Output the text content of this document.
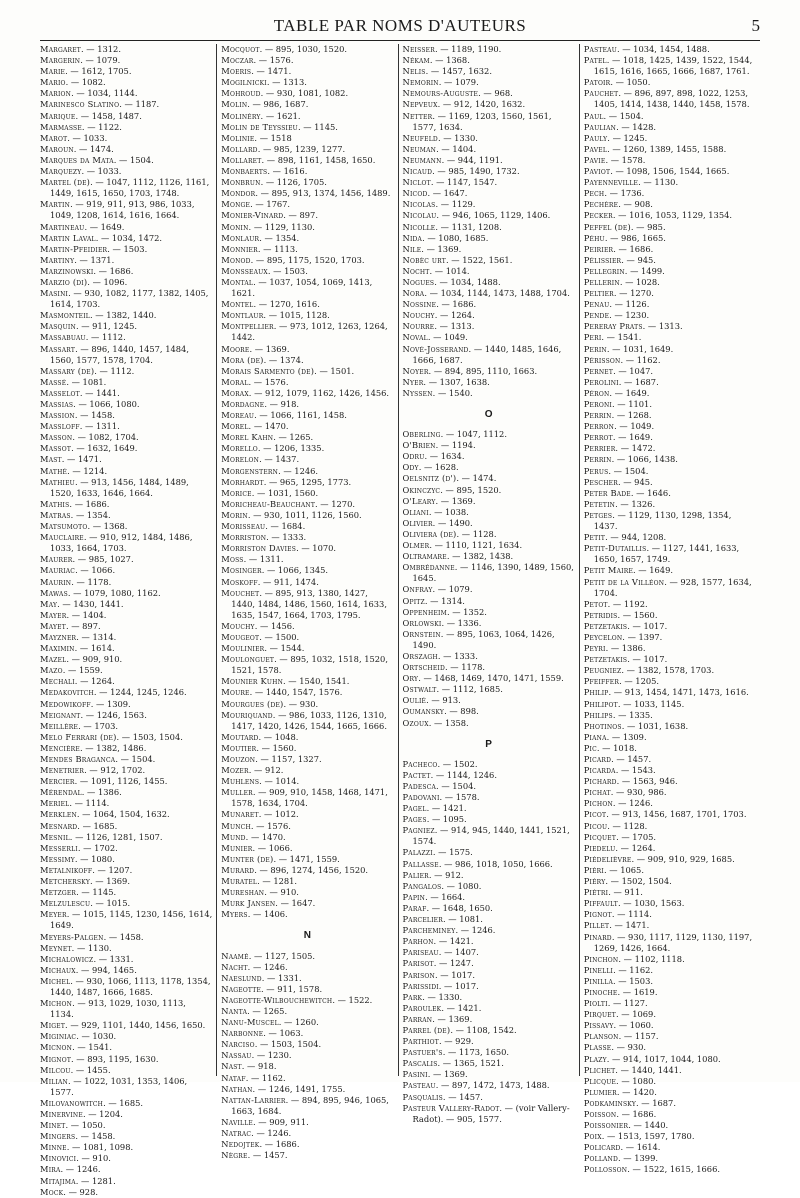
TABLE PAR NOMS D'AUTEURS	5
Margaret. — 1312.
Margerin. — 1079.
Marie. — 1612, 1705.
Mario. — 1082.
Marion. — 1034, 1144.
Marinesco Slatino. — 1187.
Marique. — 1458, 1487.
Marmasse. — 1122.
Marot. — 1033.
Maroun. — 1474.
Marques da Mata. — 1504.
Marquezy. — 1033.
Martel (de). — 1047, 1112, 1126, 1161, 1449, 1615, 1650, 1703, 1748.
Martin. — 919, 911, 913, 986, 1033, 1049, 1208, 1614, 1616, 1664.
Martineau. — 1649.
Martin Laval. — 1034, 1472.
Martin-Pfeidier. — 1503.
Martiny. — 1371.
Marzinowski. — 1686.
Marzio (di). — 1096.
Masini. — 930, 1082, 1177, 1382, 1405, 1614, 1703.
Masmonteil. — 1382, 1440.
Masquin. — 911, 1245.
Massabuau. — 1112.
Massart. — 896, 1440, 1457, 1484, 1560, 1577, 1578, 1704.
Massary (de). — 1112.
Massé. — 1081.
Masselot. — 1441.
Massias. — 1066, 1080.
Massion. — 1458.
Massloff. — 1311.
Masson. — 1082, 1704.
Massot. — 1632, 1649.
Mast. — 1471.
Mathé. — 1214.
Mathieu. — 913, 1456, 1484, 1489, 1520, 1633, 1646, 1664.
Mathis. — 1686.
Matras. — 1354.
Matsumoto. — 1368.
Mauclaire. — 910, 912, 1484, 1486, 1033, 1664, 1703.
Maurer. — 985, 1027.
Mauriac. — 1066.
Maurin. — 1178.
Mawas. — 1079, 1080, 1162.
May. — 1430, 1441.
Mayer. — 1404.
Mayet. — 897.
Mayzner. — 1314.
Maximin. — 1614.
Mazel. — 909, 910.
Mazo. — 1559.
Mechali. — 1264.
Medakovitch. — 1244, 1245, 1246.
Medowikoff. — 1309.
Meignant. — 1246, 1563.
Meillère. — 1703.
Melo Ferrari (de). — 1503, 1504.
Mencière. — 1382, 1486.
Mendes Braganca. — 1504.
Menetrier. — 912, 1702.
Mercier. — 1091, 1126, 1455.
Mérendal. — 1386.
Meriel. — 1114.
Merklen. — 1064, 1504, 1632.
Mesnard. — 1685.
Mesnil. — 1126, 1281, 1507.
Messerli. — 1702.
Messimy. — 1080.
Metalnikoff. — 1207.
Metchersky. — 1369.
Metzger. — 1145.
Melzulescu. — 1015.
Meyer. — 1015, 1145, 1230, 1456, 1614, 1649.
Meyers-Palgen. — 1458.
Meynet. — 1130.
Michalowicz. — 1331.
Michaux. — 994, 1465.
Michel. — 930, 1066, 1113, 1178, 1354, 1440, 1487, 1666, 1685.
Michon. — 913, 1029, 1030, 1113, 1134.
Miget. — 929, 1101, 1440, 1456, 1650.
Miginiac. — 1030.
Micnon. — 1541.
Mignot. — 893, 1195, 1630.
Milcou. — 1455.
Milian. — 1022, 1031, 1353, 1406, 1577.
Milovanowitch. — 1685.
Minervine. — 1204.
Minet. — 1050.
Mingers. — 1458.
Minne. — 1081, 1098.
Minovici. — 910.
Mira. — 1246.
Mitajima. — 1281.
Mock. — 928.
Mocquot. — 895, 1030, 1520.
Moczar. — 1576.
Moeris. — 1471.
Mogilnicki. — 1313.
Mohroud. — 930, 1081, 1082.
Molin. — 986, 1687.
Molinéry. — 1621.
Molin de Teyssieu. — 1145.
Molinie. — 1518
Mollard. — 985, 1239, 1277.
Mollaret. — 898, 1161, 1458, 1650.
Monbaerts. — 1616.
Monbrun. — 1126, 1705.
Mondor. — 895, 913, 1374, 1456, 1489.
Monge. — 1767.
Monier-Vinard. — 897.
Monin. — 1129, 1130.
Monlaur. — 1354.
Monnier. — 1113.
Monod. — 895, 1175, 1520, 1703.
Monsseaux. — 1503.
Montal. — 1037, 1054, 1069, 1413, 1621.
Montel. — 1270, 1616.
Montlaur. — 1015, 1128.
Montpellier. — 973, 1012, 1263, 1264, 1442.
Moore. — 1369.
Mora (de). — 1374.
Morais Sarmento (de). — 1501.
Moral. — 1576.
Morax. — 912, 1079, 1162, 1426, 1456.
Mordagne. — 918.
Moreau. — 1066, 1161, 1458.
Morel. — 1470.
Morel Kahn. — 1265.
Morello. — 1206, 1335.
Morelon. — 1437.
Morgenstern. — 1246.
Morhardt. — 965, 1295, 1773.
Morice. — 1031, 1560.
Moricheau-Beauchant. — 1270.
Morin. — 930, 1011, 1126, 1560.
Morisseau. — 1684.
Morriston. — 1333.
Morriston Davies. — 1070.
Moss. — 1311.
Mosinger. — 1066, 1345.
Moskoff. — 911, 1474.
Mouchet. — 895, 913, 1380, 1427, 1440, 1484, 1486, 1560, 1614, 1633, 1635, 1547, 1664, 1703, 1795.
Mouchy. — 1456.
Mougeot. — 1500.
Moulinier. — 1544.
Moulonguet. — 895, 1032, 1518, 1520, 1521, 1578.
Mounier Kuhn. — 1540, 1541.
Moure. — 1440, 1547, 1576.
Mourgues (de). — 930.
Mouriquand. — 986, 1033, 1126, 1310, 1417, 1420, 1426, 1544, 1665, 1666.
Moutard. — 1048.
Moutier. — 1560.
Mouzon. — 1157, 1327.
Mozer. — 912.
Muhlens. — 1014.
Muller. — 909, 910, 1458, 1468, 1471, 1578, 1634, 1704.
Munaret. — 1012.
Munch. — 1576.
Mund. — 1470.
Munier. — 1066.
Munter (de). — 1471, 1559.
Murard. — 896, 1274, 1456, 1520.
Muratel. — 1281.
Mureshan. — 910.
Murk Jansen. — 1647.
Myers. — 1406.
N
Naamé. — 1127, 1505.
Nacht. — 1246.
Naeslund. — 1331.
Nageotte. — 911, 1578.
Nageotte-Wilbouchewitch. — 1522.
Nanta. — 1265.
Nanu-Muscel. — 1260.
Narbonne. — 1063.
Narciso. — 1503, 1504.
Nassau. — 1230.
Nast. — 918.
Nataf. — 1162.
Nathan. — 1246, 1491, 1755.
Nattan-Larrier. — 894, 895, 946, 1065, 1663, 1684.
Naville. — 909, 911.
Natrac. — 1246.
Nedojtek. — 1686.
Nègre. — 1457.
Neisser. — 1189, 1190.
Nékam. — 1368.
Nelis. — 1457, 1632.
Nemorin. — 1079.
Nemours-Auguste. — 968.
Nepveux. — 912, 1420, 1632.
Netter. — 1169, 1203, 1560, 1561, 1577, 1634.
Neufeld. — 1330.
Neuman. — 1404.
Neumann. — 944, 1191.
Nicaud. — 985, 1490, 1732.
Niclot. — 1147, 1547.
Nicod. — 1647.
Nicolas. — 1129.
Nicolau. — 946, 1065, 1129, 1406.
Nicolle. — 1131, 1208.
Nida. — 1080, 1685.
Nile. — 1369.
Nobèc urt. — 1522, 1561.
Nocht. — 1014.
Nogues. — 1034, 1488.
Nora. — 1034, 1144, 1473, 1488, 1704.
Nossine. — 1686.
Nouchy. — 1264.
Nourre. — 1313.
Noval. — 1049.
Nové-Josserand. — 1440, 1485, 1646, 1666, 1687.
Noyer. — 894, 895, 1110, 1663.
Nyer. — 1307, 1638.
Nyssen. — 1540.
O
Oberling. — 1047, 1112.
O'Brien. — 1194.
Odru. — 1634.
Ody. — 1628.
Oelsnitz (d'). — 1474.
Okinczyc. — 895, 1520.
O'Leary. — 1369.
Oliani. — 1038.
Olivier. — 1490.
Oliviera (de). — 1128.
Olmer. — 1110, 1121, 1634.
Oltramare. — 1382, 1438.
Ombrédanne. — 1146, 1390, 1489, 1560, 1645.
Onfray. — 1079.
Opitz. — 1314.
Oppenheim. — 1352.
Orlowski. — 1336.
Ornstein. — 895, 1063, 1064, 1426, 1490.
Orszagh. — 1333.
Ortscheid. — 1178.
Ory. — 1468, 1469, 1470, 1471, 1559.
Ostwalt. — 1112, 1685.
Oulié. — 913.
Oumansky. — 898.
Ozoux. — 1358.
P
Pacheco. — 1502.
Pactet. — 1144, 1246.
Padesca. — 1504.
Padovani. — 1578.
Pagel. — 1421.
Pages. — 1095.
Pagniez. — 914, 945, 1440, 1441, 1521, 1574.
Palazzi. — 1575.
Pallasse. — 986, 1018, 1050, 1666.
Palier. — 912.
Pangalos. — 1080.
Papin. — 1664.
Paraf. — 1648, 1650.
Parcelier. — 1081.
Parcheminey. — 1246.
Parhon. — 1421.
Pariseau. — 1407.
Parisot. — 1247.
Parison. — 1017.
Parissidi. — 1017.
Park. — 1330.
Paroulek. — 1421.
Parran. — 1369.
Parrel (de). — 1108, 1542.
Parthiot. — 929.
Pastuer's. — 1173, 1650.
Pascalis. — 1365, 1521.
Pasini. — 1369.
Pasteau. — 897, 1472, 1473, 1488.
Pasqualis. — 1457.
Pasteur Vallery-Radot. — (voir Vallery-Radot). — 905, 1577.
Pasteau. — 1034, 1454, 1488.
Patel. — 1018, 1425, 1439, 1522, 1544, 1615, 1616, 1665, 1666, 1687, 1761.
Patoir. — 1050.
Pauchet. — 896, 897, 898, 1022, 1253, 1405, 1414, 1438, 1440, 1458, 1578.
Paul. — 1504.
Paulian. — 1428.
Pauly. — 1245.
Pavel. — 1260, 1389, 1455, 1588.
Pavie. — 1578.
Paviot. — 1098, 1506, 1544, 1665.
Payenneville. — 1130.
Pech. — 1736.
Pechère. — 908.
Pecker. — 1016, 1053, 1129, 1354.
Peffel (de). — 985.
Péhu. — 986, 1665.
Peirier. — 1686.
Pélissier. — 945.
Pellegrin. — 1499.
Pellerin. — 1028.
Peltier. — 1270.
Penau. — 1126.
Pende. — 1230.
Pereray Prats. — 1313.
Peri. — 1541.
Perin. — 1031, 1649.
Périsson. — 1162.
Pernet. — 1047.
Perolini. — 1687.
Péron. — 1649.
Peroni. — 1101.
Perrin. — 1268.
Perron. — 1049.
Perrot. — 1649.
Perrier. — 1472.
Perrin. — 1066, 1438.
Perus. — 1504.
Pescher. — 945.
Peter Bade. — 1646.
Petetin. — 1326.
Petges. — 1129, 1130, 1298, 1354, 1437.
Petit. — 944, 1208.
Petit-Dutaillis. — 1127, 1441, 1633, 1650, 1657, 1749.
Petit Maire. — 1649.
Petit de la Villéon. — 928, 1577, 1634, 1704.
Petot. — 1192.
Petridis. — 1560.
Petzetakis. — 1017.
Peycelon. — 1397.
Peyri. — 1386.
Petzetakis. — 1017.
Peugniez. — 1382, 1578, 1703.
Pfeiffer. — 1205.
Philip. — 913, 1454, 1471, 1473, 1616.
Philipot. — 1033, 1145.
Philips. — 1335.
Photinos. — 1031, 1638.
Piana. — 1309.
Pic. — 1018.
Picard. — 1457.
Picarda. — 1543.
Pichard. — 1563, 946.
Pichat. — 930, 986.
Pichon. — 1246.
Picot. — 913, 1456, 1687, 1701, 1703.
Picou. — 1128.
Picquet. — 1705.
Piedelu. — 1264.
Piédelièvre. — 909, 910, 929, 1685.
Piéri. — 1065.
Piéry. — 1502, 1504.
Piétri. — 911.
Piffault. — 1030, 1563.
Pignot. — 1114.
Pillet. — 1471.
Pinard. — 930, 1117, 1129, 1130, 1197, 1269, 1426, 1664.
Pinchon. — 1102, 1118.
Pinelli. — 1162.
Pinilla. — 1503.
Pinoche. — 1619.
Piolti. — 1127.
Pirquet. — 1069.
Pissavy. — 1060.
Planson. — 1157.
Plasse. — 930.
Plazy. — 914, 1017, 1044, 1080.
Plichet. — 1440, 1441.
Plicque. — 1080.
Plumier. — 1420.
Podkaminsky. — 1687.
Poisson. — 1686.
Poissonier. — 1440.
Poix. — 1513, 1597, 1780.
Policard. — 1614.
Polland. — 1399.
Pollosson. — 1522, 1615, 1666.
